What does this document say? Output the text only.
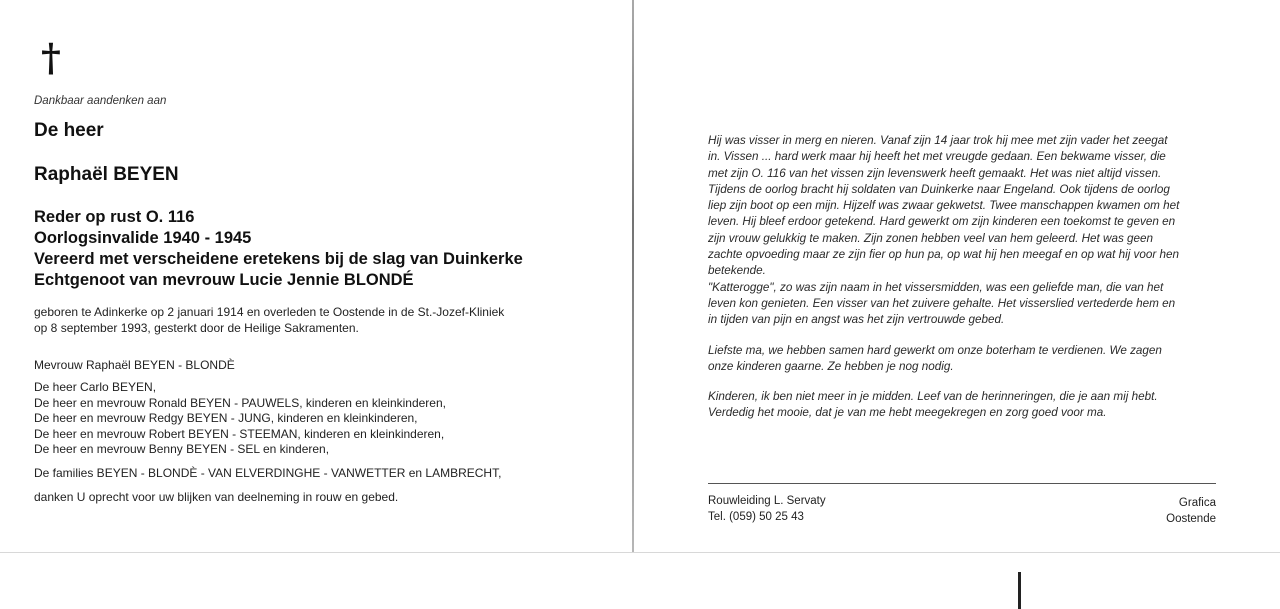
†
Dankbaar aandenken aan
De heer
Raphaël BEYEN
Reder op rust O. 116
Oorlogsinvalide 1940 - 1945
Vereerd met verscheidene eretekens bij de slag van Duinkerke
Echtgenoot van mevrouw Lucie Jennie BLONDÉ
geboren te Adinkerke op 2 januari 1914 en overleden te Oostende in de St.-Jozef-Kliniek
op 8 september 1993, gesterkt door de Heilige Sakramenten.
Mevrouw Raphaël BEYEN - BLONDÈ
De heer Carlo BEYEN,
De heer en mevrouw Ronald BEYEN - PAUWELS, kinderen en kleinkinderen,
De heer en mevrouw Redgy BEYEN - JUNG, kinderen en kleinkinderen,
De heer en mevrouw Robert BEYEN - STEEMAN, kinderen en kleinkinderen,
De heer en mevrouw Benny BEYEN - SEL en kinderen,
De families BEYEN - BLONDÈ - VAN ELVERDINGHE - VANWETTER en LAMBRECHT,
danken U oprecht voor uw blijken van deelneming in rouw en gebed.
Hij was visser in merg en nieren. Vanaf zijn 14 jaar trok hij mee met zijn vader het zeegat
in. Vissen ... hard werk maar hij heeft het met vreugde gedaan. Een bekwame visser, die
met zijn O. 116 van het vissen zijn levenswerk heeft gemaakt. Het was niet altijd vissen.
Tijdens de oorlog bracht hij soldaten van Duinkerke naar Engeland. Ook tijdens de oorlog
liep zijn boot op een mijn. Hijzelf was zwaar gekwetst. Twee manschappen kwamen om het
leven. Hij bleef erdoor getekend. Hard gewerkt om zijn kinderen een toekomst te geven en
zijn vrouw gelukkig te maken. Zijn zonen hebben veel van hem geleerd. Het was geen
zachte opvoeding maar ze zijn fier op hun pa, op wat hij hen meegaf en op wat hij voor hen
betekende.
"Katterogge", zo was zijn naam in het vissersmidden, was een geliefde man, die van het
leven kon genieten. Een visser van het zuivere gehalte. Het visserslied vertederde hem en
in tijden van pijn en angst was het zijn vertrouwde gebed.
Liefste ma, we hebben samen hard gewerkt om onze boterham te verdienen. We zagen
onze kinderen gaarne. Ze hebben je nog nodig.
Kinderen, ik ben niet meer in je midden. Leef van de herinneringen, die je aan mij hebt.
Verdedig het mooie, dat je van me hebt meegekregen en zorg goed voor ma.
Rouwleiding L. Servaty
Tel. (059) 50 25 43
Grafica
Oostende
